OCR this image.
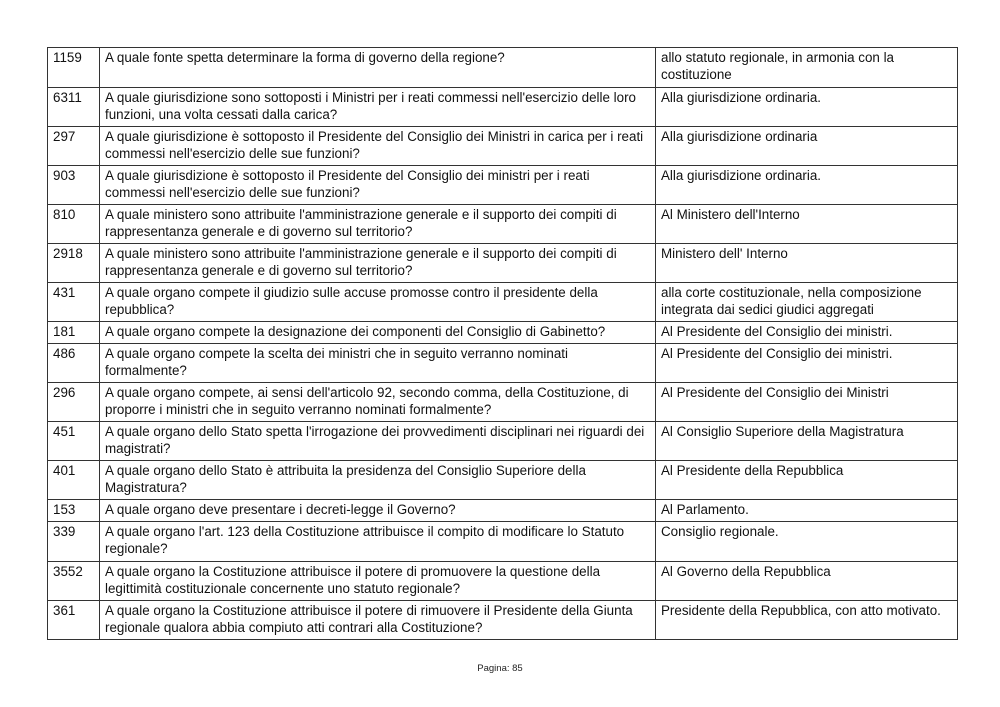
1159	A quale fonte spetta determinare la forma di governo della regione?	allo statuto regionale, in armonia con la costituzione
6311	A quale giurisdizione sono sottoposti i Ministri per i reati commessi nell'esercizio delle loro funzioni, una volta cessati dalla carica?	Alla giurisdizione ordinaria.
297	A quale giurisdizione è sottoposto il Presidente del Consiglio dei Ministri in carica per i reati commessi nell'esercizio delle sue funzioni?	Alla giurisdizione ordinaria
903	A quale giurisdizione è sottoposto il Presidente del Consiglio dei ministri per i reati commessi nell'esercizio delle sue funzioni?	Alla giurisdizione ordinaria.
810	A quale ministero sono attribuite l'amministrazione generale e il supporto dei compiti di rappresentanza generale e di governo sul territorio?	Al Ministero dell'Interno
2918	A quale ministero sono attribuite l'amministrazione generale e il supporto dei compiti di rappresentanza generale e di governo sul territorio?	Ministero dell' Interno
431	A quale organo compete il giudizio sulle accuse promosse contro il presidente della repubblica?	alla corte costituzionale, nella composizione integrata dai sedici giudici aggregati
181	A quale organo compete la designazione dei componenti del Consiglio di Gabinetto?	Al Presidente del Consiglio dei ministri.
486	A quale organo compete la scelta dei ministri che in seguito verranno nominati formalmente?	Al Presidente del Consiglio dei ministri.
296	A quale organo compete, ai sensi dell'articolo 92, secondo comma, della Costituzione, di proporre i ministri che in seguito verranno nominati formalmente?	Al Presidente del Consiglio dei Ministri
451	A quale organo dello Stato spetta l'irrogazione dei provvedimenti disciplinari nei riguardi dei magistrati?	Al Consiglio Superiore della Magistratura
401	A quale organo dello Stato è attribuita la presidenza del Consiglio Superiore della Magistratura?	Al Presidente della Repubblica
153	A quale organo deve presentare i decreti-legge il Governo?	Al Parlamento.
339	A quale organo l'art. 123 della Costituzione attribuisce il compito di modificare lo Statuto regionale?	Consiglio regionale.
3552	A quale organo la Costituzione attribuisce il potere di promuovere la questione della legittimità costituzionale concernente uno statuto regionale?	Al Governo della Repubblica
361	A quale organo la Costituzione attribuisce il potere di rimuovere il Presidente della Giunta regionale qualora abbia compiuto atti contrari alla Costituzione?	Presidente della Repubblica, con atto motivato.
Pagina: 85
